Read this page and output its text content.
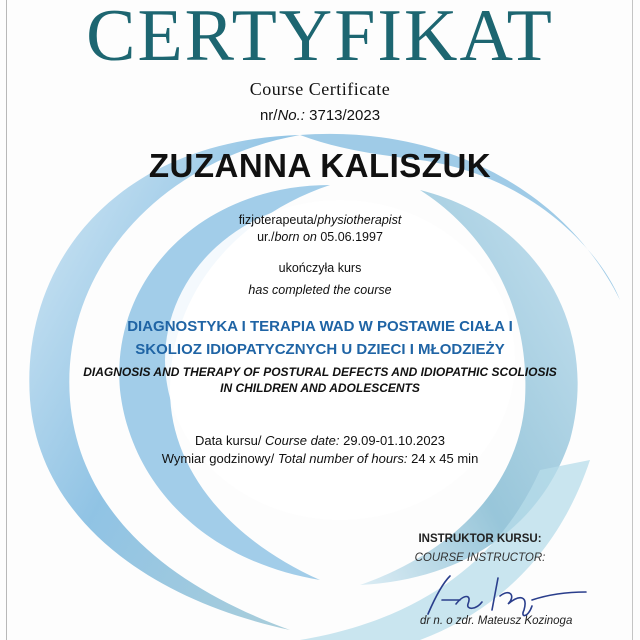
CERTYFIKAT
Course Certificate
nr/No.: 3713/2023
ZUZANNA KALISZUK
fizjoterapeuta/physiotherapist
ur./born on 05.06.1997
ukończyła kurs
has completed the course
DIAGNOSTYKA I TERAPIA WAD W POSTAWIE CIAŁA I
SKOLIOZ IDIOPATYCZNYCH U DZIECI I MŁODZIEŻY
DIAGNOSIS AND THERAPY OF POSTURAL DEFECTS AND IDIOPATHIC SCOLIOSIS
IN CHILDREN AND ADOLESCENTS
Data kursu/ Course date: 29.09-01.10.2023
Wymiar godzinowy/ Total number of hours: 24 x 45 min
INSTRUKTOR KURSU:
COURSE INSTRUCTOR:
dr n. o zdr. Mateusz Kozinoga
